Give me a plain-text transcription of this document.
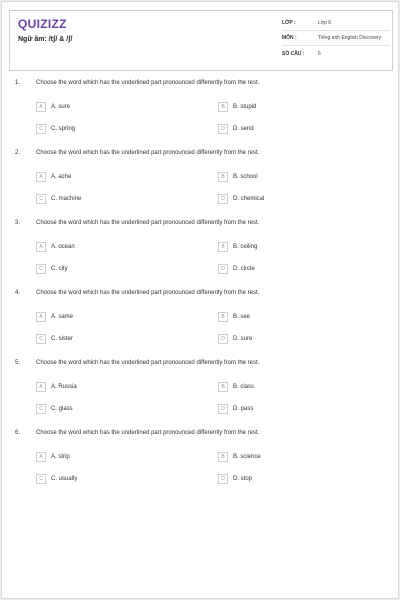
QUIZIZZ
Ngữ âm: /tʃ/ & /ʃ/
LỚP :	Lớp 6
MÔN :	Tiếng anh English Discovery
SỐ CÂU :	6
1.	Choose the word which has the underlined part pronounced differently from the rest.
A	A. sure	B	B. stupid
C	C. spring	D	D. send
2.	Choose the word which has the underlined part pronounced differently from the rest.
A	A. ache	B	B. school
C	C. machine	D	D. chemical
3.	Choose the word which has the underlined part pronounced differently from the rest.
A	A. ocean	B	B. ceiling
C	C. city	D	D. circle
4.	Choose the word which has the underlined part pronounced differently from the rest.
A	A. same	B	B. see
C	C. sister	D	D. sure
5.	Choose the word which has the underlined part pronounced differently from the rest.
A	A. Russia	B	B. class
C	C. glass	D	D. pass
6.	Choose the word which has the underlined part pronounced differently from the rest.
A	A. strip	B	B. science
C	C. usually	D	D. stop
